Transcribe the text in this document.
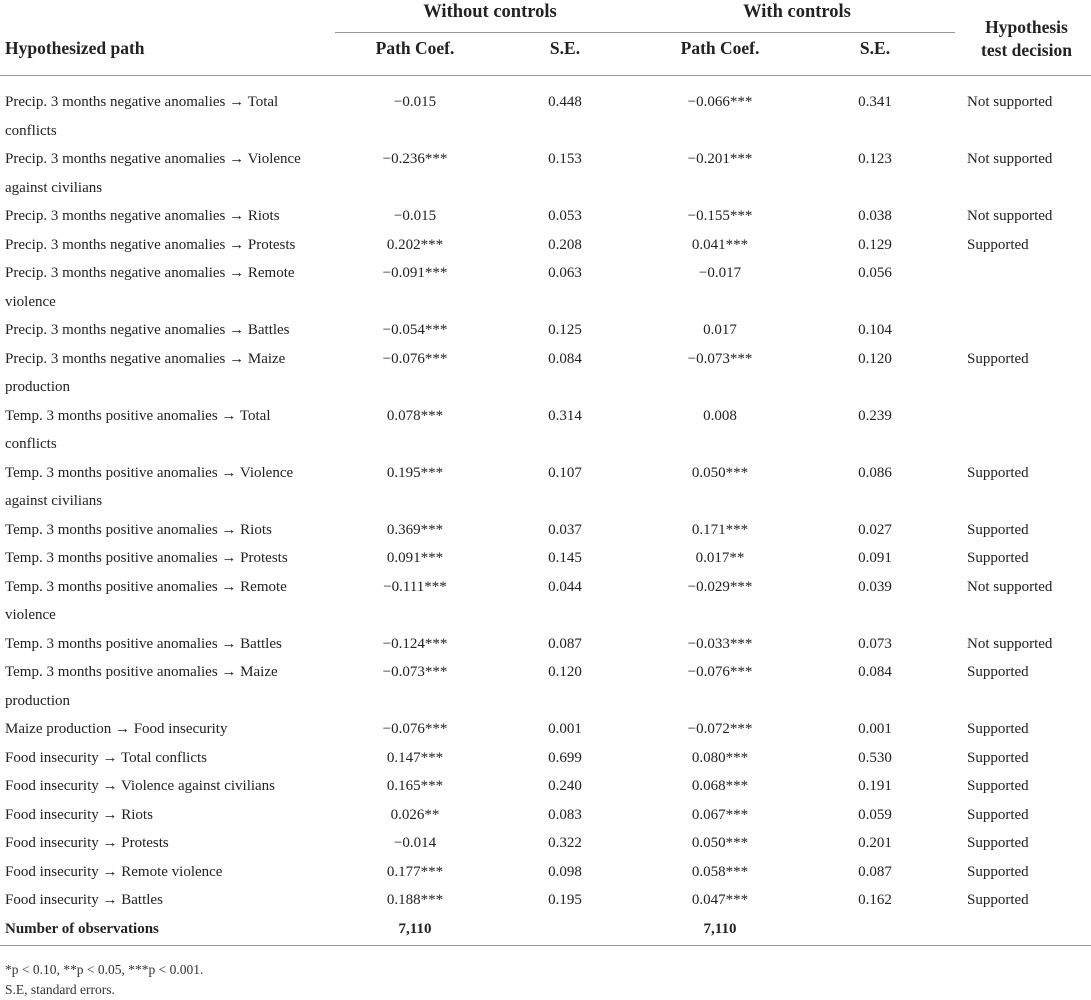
Without controls	With controls
Hypothesized path	Path Coef.	S.E.	Path Coef.	S.E.
Hypothesis
test decision
Precip. 3 months negative anomalies → Total
conflicts
−0.015	0.448	−0.066***	0.341	Not supported
Precip. 3 months negative anomalies → Violence
against civilians
−0.236***	0.153	−0.201***	0.123	Not supported
Precip. 3 months negative anomalies → Riots	−0.015	0.053	−0.155***	0.038	Not supported
Precip. 3 months negative anomalies → Protests	0.202***	0.208	0.041***	0.129	Supported
Precip. 3 months negative anomalies → Remote
violence
−0.091***	0.063	−0.017	0.056
Precip. 3 months negative anomalies → Battles	−0.054***	0.125	0.017	0.104
Precip. 3 months negative anomalies → Maize
production
−0.076***	0.084	−0.073***	0.120	Supported
Temp. 3 months positive anomalies → Total
conflicts
0.078***	0.314	0.008	0.239
Temp. 3 months positive anomalies → Violence
against civilians
0.195***	0.107	0.050***	0.086	Supported
Temp. 3 months positive anomalies → Riots	0.369***	0.037	0.171***	0.027	Supported
Temp. 3 months positive anomalies → Protests	0.091***	0.145	0.017**	0.091	Supported
Temp. 3 months positive anomalies → Remote
violence
−0.111***	0.044	−0.029***	0.039	Not supported
Temp. 3 months positive anomalies → Battles	−0.124***	0.087	−0.033***	0.073	Not supported
Temp. 3 months positive anomalies → Maize
production
−0.073***	0.120	−0.076***	0.084	Supported
Maize production → Food insecurity	−0.076***	0.001	−0.072***	0.001	Supported
Food insecurity → Total conflicts	0.147***	0.699	0.080***	0.530	Supported
Food insecurity → Violence against civilians	0.165***	0.240	0.068***	0.191	Supported
Food insecurity → Riots	0.026**	0.083	0.067***	0.059	Supported
Food insecurity → Protests	−0.014	0.322	0.050***	0.201	Supported
Food insecurity → Remote violence	0.177***	0.098	0.058***	0.087	Supported
Food insecurity → Battles	0.188***	0.195	0.047***	0.162	Supported
Number of observations	7,110	7,110
*p < 0.10, **p < 0.05, ***p < 0.001.
S.E, standard errors.
